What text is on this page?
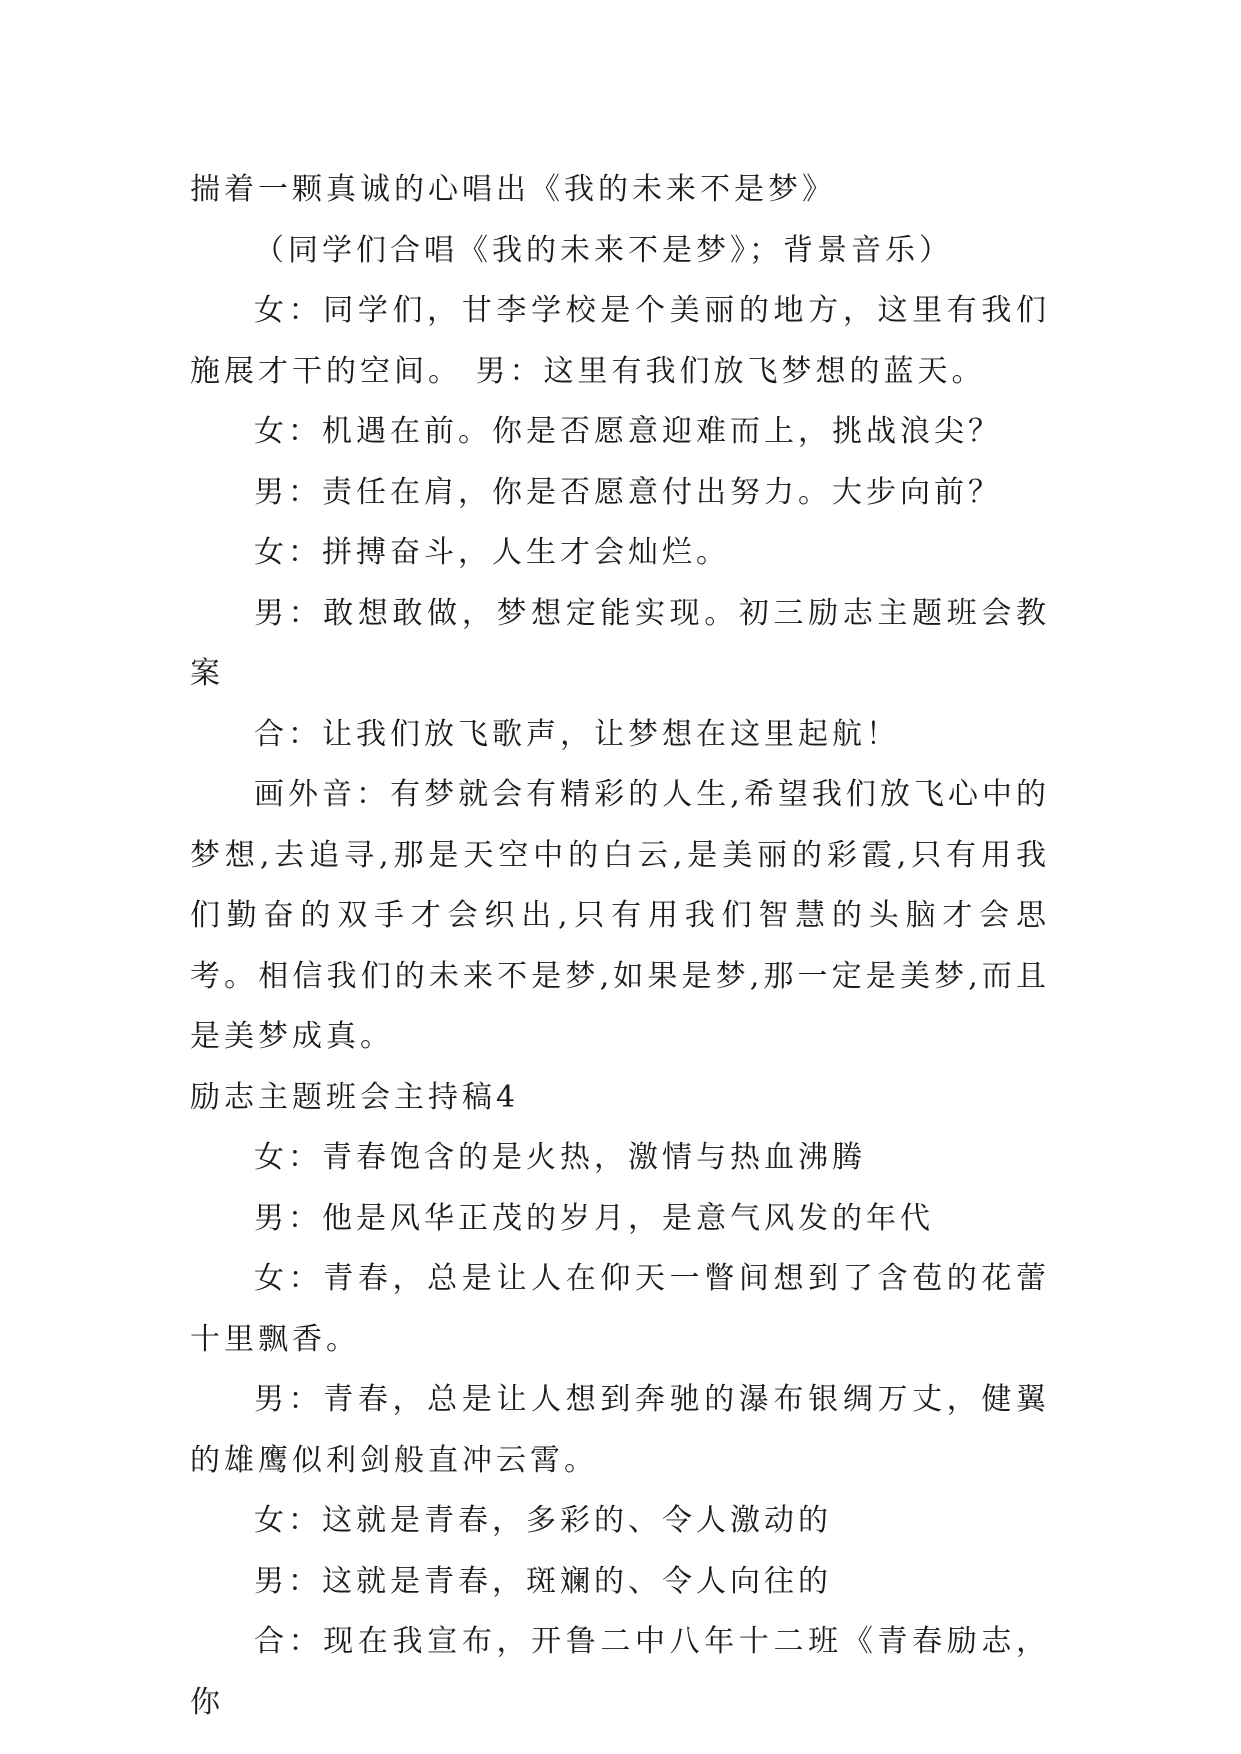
揣着一颗真诚的心唱出《我的未来不是梦》

（同学们合唱《我的未来不是梦》；背景音乐）

女：同学们，甘李学校是个美丽的地方，这里有我们施展才干的空间。 男：这里有我们放飞梦想的蓝天。

女：机遇在前。你是否愿意迎难而上，挑战浪尖？

男：责任在肩，你是否愿意付出努力。大步向前？

女：拼搏奋斗，人生才会灿烂。

男：敢想敢做，梦想定能实现。初三励志主题班会教案

合：让我们放飞歌声，让梦想在这里起航！

画外音：有梦就会有精彩的人生,希望我们放飞心中的梦想,去追寻,那是天空中的白云,是美丽的彩霞,只有用我们勤奋的双手才会织出,只有用我们智慧的头脑才会思考。相信我们的未来不是梦,如果是梦,那一定是美梦,而且是美梦成真。

励志主题班会主持稿4

女：青春饱含的是火热，激情与热血沸腾

男：他是风华正茂的岁月，是意气风发的年代

女：青春，总是让人在仰天一瞥间想到了含苞的花蕾十里飘香。

男：青春，总是让人想到奔驰的瀑布银绸万丈，健翼的雄鹰似利剑般直冲云霄。

女：这就是青春，多彩的、令人激动的

男：这就是青春，斑斓的、令人向往的

合：现在我宣布，开鲁二中八年十二班《青春励志，你
